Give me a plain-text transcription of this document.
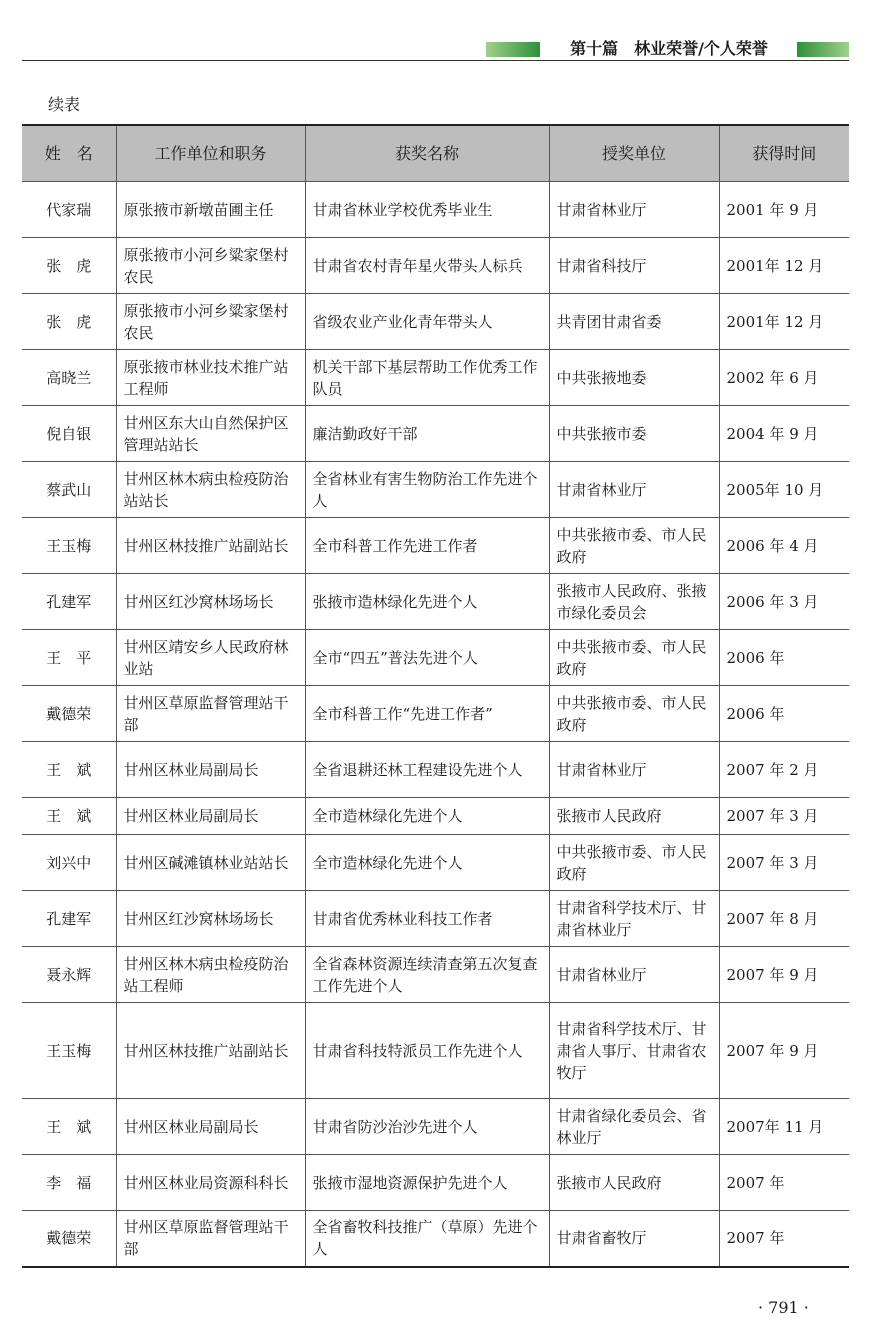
第十篇　林业荣誉/个人荣誉
续表
姓　名	工作单位和职务	获奖名称	授奖单位	获得时间
代家瑞	原张掖市新墩苗圃主任	甘肃省林业学校优秀毕业生	甘肃省林业厅	2001 年 9 月
张　虎	原张掖市小河乡粱家堡村农民	甘肃省农村青年星火带头人标兵	甘肃省科技厅	2001年 12 月
张　虎	原张掖市小河乡粱家堡村农民	省级农业产业化青年带头人	共青团甘肃省委	2001年 12 月
高晓兰	原张掖市林业技术推广站工程师	机关干部下基层帮助工作优秀工作队员	中共张掖地委	2002 年 6 月
倪自银	甘州区东大山自然保护区管理站站长	廉洁勤政好干部	中共张掖市委	2004 年 9 月
蔡武山	甘州区林木病虫检疫防治站站长	全省林业有害生物防治工作先进个人	甘肃省林业厅	2005年 10 月
王玉梅	甘州区林技推广站副站长	全市科普工作先进工作者	中共张掖市委、市人民政府	2006 年 4 月
孔建军	甘州区红沙窝林场场长	张掖市造林绿化先进个人	张掖市人民政府、张掖市绿化委员会	2006 年 3 月
王　平	甘州区靖安乡人民政府林业站	全市“四五”普法先进个人	中共张掖市委、市人民政府	2006 年
戴德荣	甘州区草原监督管理站干部	全市科普工作“先进工作者”	中共张掖市委、市人民政府	2006 年
王　斌	甘州区林业局副局长	全省退耕还林工程建设先进个人	甘肃省林业厅	2007 年 2 月
王　斌	甘州区林业局副局长	全市造林绿化先进个人	张掖市人民政府	2007 年 3 月
刘兴中	甘州区碱滩镇林业站站长	全市造林绿化先进个人	中共张掖市委、市人民政府	2007 年 3 月
孔建军	甘州区红沙窝林场场长	甘肃省优秀林业科技工作者	甘肃省科学技术厅、甘肃省林业厅	2007 年 8 月
聂永辉	甘州区林木病虫检疫防治站工程师	全省森林资源连续清查第五次复查工作先进个人	甘肃省林业厅	2007 年 9 月
王玉梅	甘州区林技推广站副站长	甘肃省科技特派员工作先进个人	甘肃省科学技术厅、甘肃省人事厅、甘肃省农牧厅	2007 年 9 月
王　斌	甘州区林业局副局长	甘肃省防沙治沙先进个人	甘肃省绿化委员会、省林业厅	2007年 11 月
李　福	甘州区林业局资源科科长	张掖市湿地资源保护先进个人	张掖市人民政府	2007 年
戴德荣	甘州区草原监督管理站干部	全省畜牧科技推广（草原）先进个人	甘肃省畜牧厅	2007 年
· 791 ·
